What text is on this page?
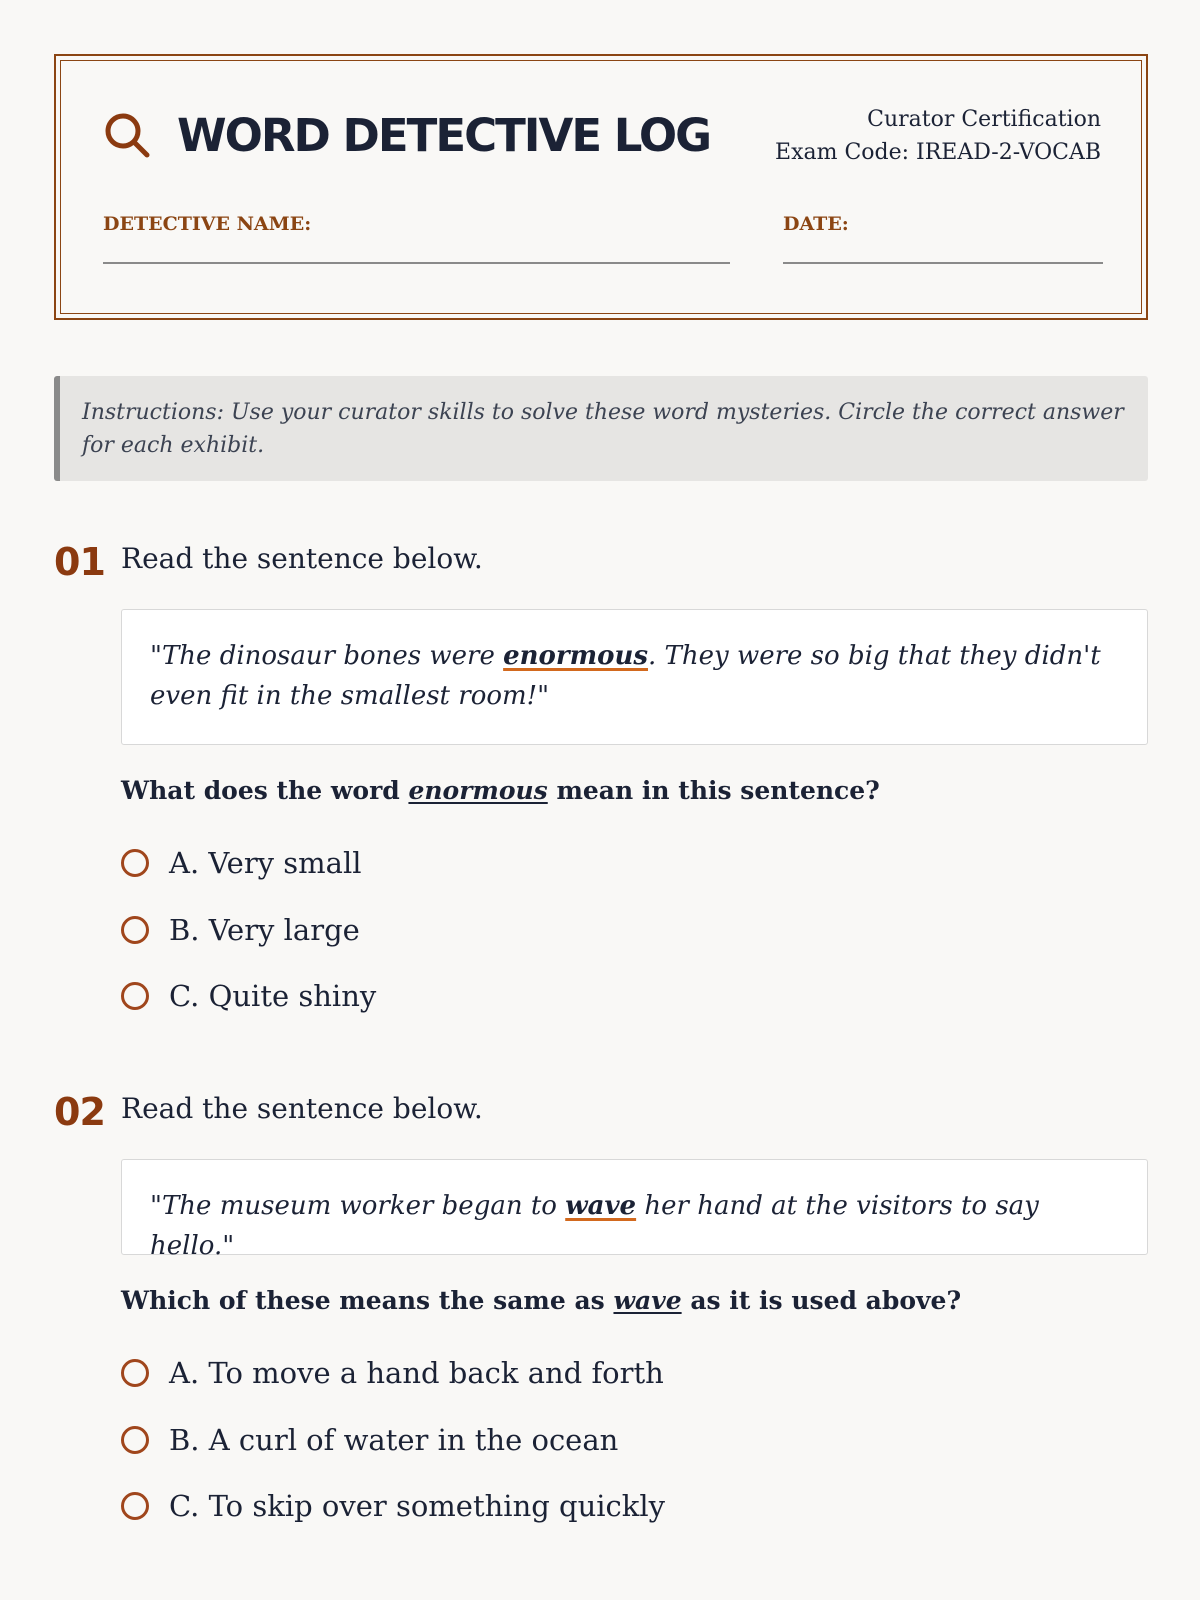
WORD DETECTIVE LOG	Curator Certification
Exam Code: IREAD-2-VOCAB
DETECTIVE NAME:	DATE:
Instructions: Use your curator skills to solve these word mysteries. Circle the correct answer for each exhibit.
01 Read the sentence below.
"The dinosaur bones were enormous. They were so big that they didn't even fit in the smallest room!"
What does the word enormous mean in this sentence?
A. Very small
B. Very large
C. Quite shiny
02 Read the sentence below.
"The museum worker began to wave her hand at the visitors to say hello."
Which of these means the same as wave as it is used above?
A. To move a hand back and forth
B. A curl of water in the ocean
C. To skip over something quickly
